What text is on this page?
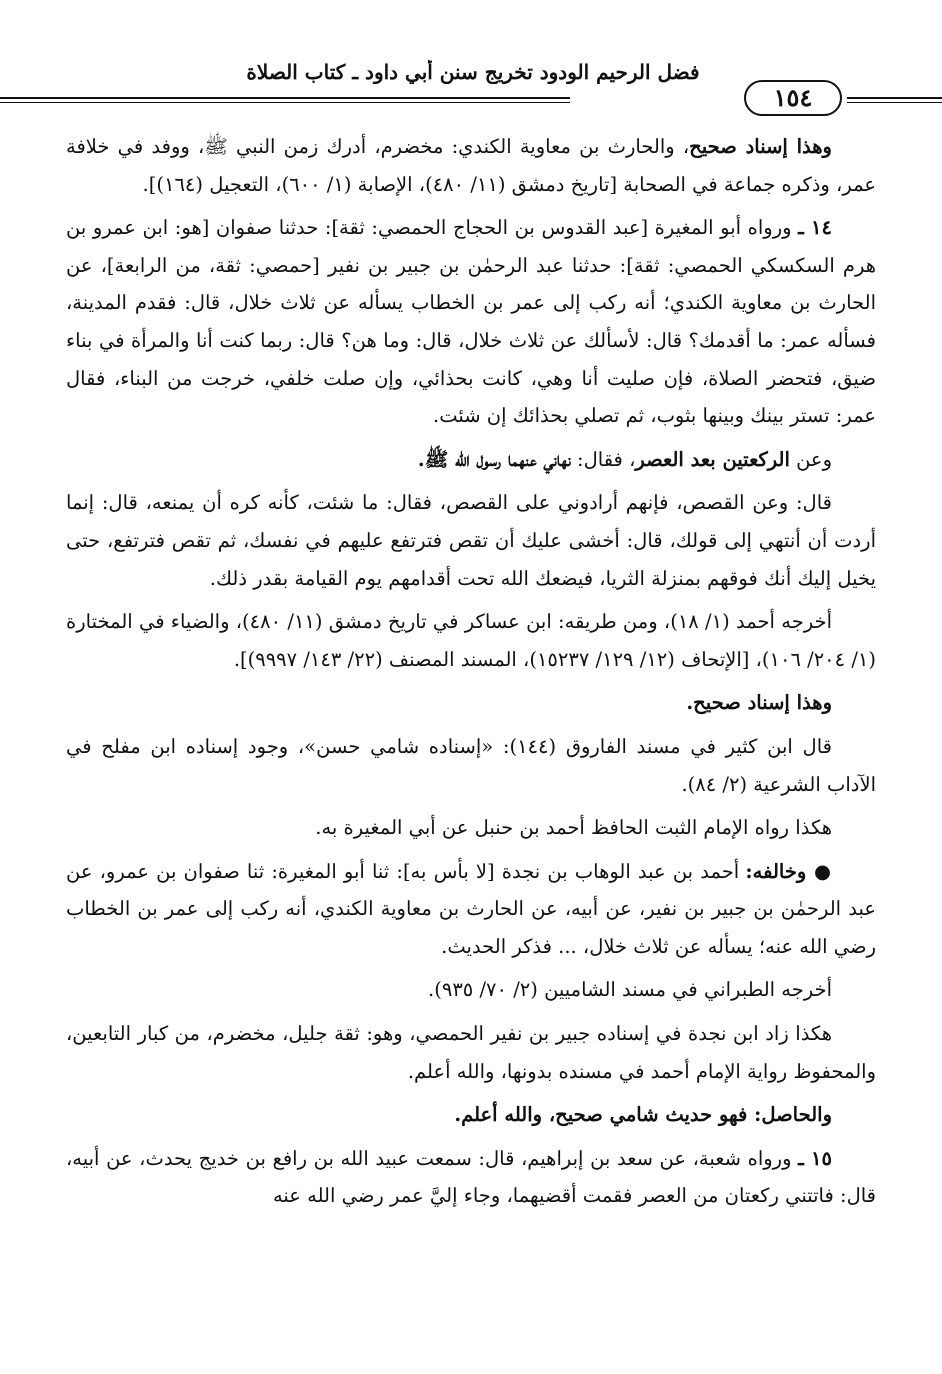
فضل الرحيم الودود تخريج سنن أبي داود ـ كتاب الصلاة
١٥٤

وهذا إسناد صحيح، والحارث بن معاوية الكندي: مخضرم، أدرك زمن النبي ﷺ، ووفد في خلافة عمر، وذكره جماعة في الصحابة [تاريخ دمشق (١١/ ٤٨٠)، الإصابة (١/ ٦٠٠)، التعجيل (١٦٤)].

١٤ ـ ورواه أبو المغيرة [عبد القدوس بن الحجاج الحمصي: ثقة]: حدثنا صفوان [هو: ابن عمرو بن هرم السكسكي الحمصي: ثقة]: حدثنا عبد الرحمٰن بن جبير بن نفير [حمصي: ثقة، من الرابعة]، عن الحارث بن معاوية الكندي؛ أنه ركب إلى عمر بن الخطاب يسأله عن ثلاث خلال، قال: فقدم المدينة، فسأله عمر: ما أقدمك؟ قال: لأسألك عن ثلاث خلال، قال: وما هن؟ قال: ربما كنت أنا والمرأة في بناء ضيق، فتحضر الصلاة، فإن صليت أنا وهي، كانت بحذائي، وإن صلت خلفي، خرجت من البناء، فقال عمر: تستر بينك وبينها بثوب، ثم تصلي بحذائك إن شئت.

وعن الركعتين بعد العصر، فقال: نهاني عنهما رسول الله ﷺ.

قال: وعن القصص، فإنهم أرادوني على القصص، فقال: ما شئت، كأنه كره أن يمنعه، قال: إنما أردت أن أنتهي إلى قولك، قال: أخشى عليك أن تقص فترتفع عليهم في نفسك، ثم تقص فترتفع، حتى يخيل إليك أنك فوقهم بمنزلة الثريا، فيضعك الله تحت أقدامهم يوم القيامة بقدر ذلك.

أخرجه أحمد (١/ ١٨)، ومن طريقه: ابن عساكر في تاريخ دمشق (١١/ ٤٨٠)، والضياء في المختارة (١/ ٢٠٤/ ١٠٦)، [الإتحاف (١٢/ ١٢٩/ ١٥٢٣٧)، المسند المصنف (٢٢/ ١٤٣/ ٩٩٩٧)].

وهذا إسناد صحيح.

قال ابن كثير في مسند الفاروق (١٤٤): «إسناده شامي حسن»، وجود إسناده ابن مفلح في الآداب الشرعية (٢/ ٨٤).

هكذا رواه الإمام الثبت الحافظ أحمد بن حنبل عن أبي المغيرة به.

● وخالفه: أحمد بن عبد الوهاب بن نجدة [لا بأس به]: ثنا أبو المغيرة: ثنا صفوان بن عمرو، عن عبد الرحمٰن بن جبير بن نفير، عن أبيه، عن الحارث بن معاوية الكندي، أنه ركب إلى عمر بن الخطاب رضي الله عنه؛ يسأله عن ثلاث خلال، ... فذكر الحديث.

أخرجه الطبراني في مسند الشاميين (٢/ ٧٠/ ٩٣٥).

هكذا زاد ابن نجدة في إسناده جبير بن نفير الحمصي، وهو: ثقة جليل، مخضرم، من كبار التابعين، والمحفوظ رواية الإمام أحمد في مسنده بدونها، والله أعلم.

والحاصل: فهو حديث شامي صحيح، والله أعلم.

١٥ ـ ورواه شعبة، عن سعد بن إبراهيم، قال: سمعت عبيد الله بن رافع بن خديج يحدث، عن أبيه، قال: فاتتني ركعتان من العصر فقمت أقضيهما، وجاء إليَّ عمر رضي الله عنه
